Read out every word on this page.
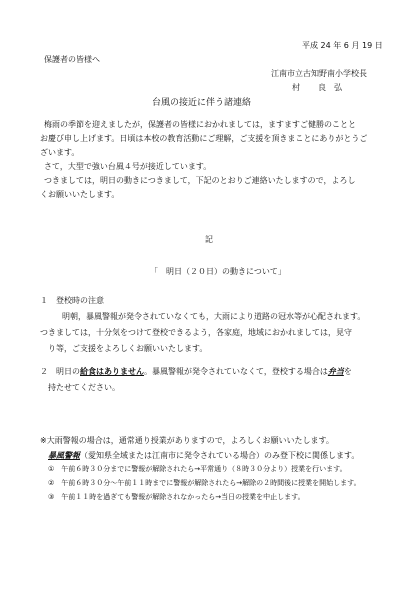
平成 24 年 6 月 19 日
保護者の皆様へ
江南市立古知野南小学校長
村 良　弘
台風の接近に伴う諸連絡
梅雨の季節を迎えましたが，保護者の皆様におかれましては，ますますご健勝のことと
お慶び申し上げます。日頃は本校の教育活動にご理解，ご支援を頂きまことにありがとうご
ざいます。
さて，大型で強い台風４号が接近しています。
つきましては，明日の動きにつきまして，下記のとおりご連絡いたしますので，よろし
くお願いいたします。
記
「　明日（２０日）の動きについて」
１　登校時の注意
明朝，暴風警報が発令されていなくても，大雨により道路の冠水等が心配されます。
つきましては，十分気をつけて登校できるよう，各家庭，地域におかれましては，見守
り等，ご支援をよろしくお願いいたします。
２　明日の給食はありません。暴風警報が発令されていなくて，登校する場合は弁当を
持たせてください。
※大雨警報の場合は，通常通り授業がありますので，よろしくお願いいたします。
暴風警報（愛知県全域または江南市に発令されている場合）のみ登下校に関係します。
①　午前６時３０分までに警報が解除されたら→平常通り（８時３０分より）授業を行います。
②　午前６時３０分～午前１１時までに警報が解除されたら→解除の２時間後に授業を開始します。
③　午前１１時を過ぎても警報が解除されなかったら→当日の授業を中止します。
